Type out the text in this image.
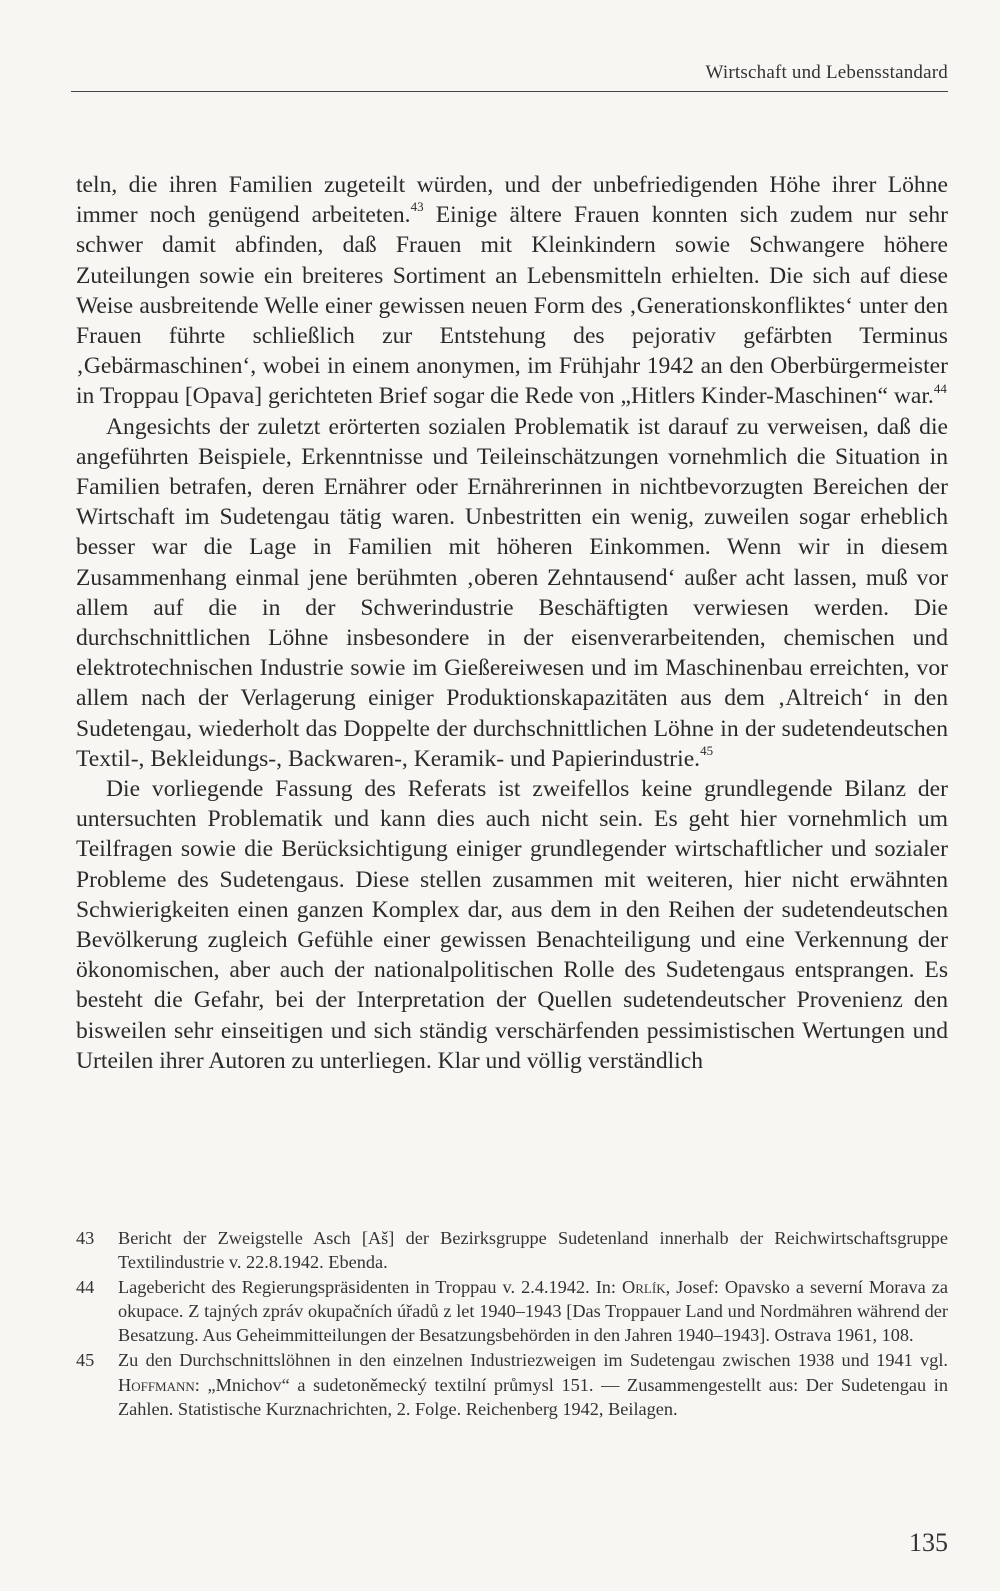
Wirtschaft und Lebensstandard

teln, die ihren Familien zugeteilt würden, und der unbefriedigenden Höhe ihrer Löhne immer noch genügend arbeiteten.$^{43}$ Einige ältere Frauen konnten sich zudem nur sehr schwer damit abfinden, daß Frauen mit Kleinkindern sowie Schwangere höhere Zuteilungen sowie ein breiteres Sortiment an Lebensmitteln erhielten. Die sich auf diese Weise ausbreitende Welle einer gewissen neuen Form des ‚Generationskonfliktes‘ unter den Frauen führte schließlich zur Entstehung des pejorativ gefärbten Terminus ‚Gebärmaschinen‘, wobei in einem anonymen, im Frühjahr 1942 an den Oberbürgermeister in Troppau [Opava] gerichteten Brief sogar die Rede von „Hitlers Kinder-Maschinen“ war.$^{44}$

Angesichts der zuletzt erörterten sozialen Problematik ist darauf zu verweisen, daß die angeführten Beispiele, Erkenntnisse und Teileinschätzungen vornehmlich die Situation in Familien betrafen, deren Ernährer oder Ernährerinnen in nichtbevorzugten Bereichen der Wirtschaft im Sudetengau tätig waren. Unbestritten ein wenig, zuweilen sogar erheblich besser war die Lage in Familien mit höheren Einkommen. Wenn wir in diesem Zusammenhang einmal jene berühmten ‚oberen Zehntausend‘ außer acht lassen, muß vor allem auf die in der Schwerindustrie Beschäftigten verwiesen werden. Die durchschnittlichen Löhne insbesondere in der eisenverarbeitenden, chemischen und elektrotechnischen Industrie sowie im Gießereiwesen und im Maschinenbau erreichten, vor allem nach der Verlagerung einiger Produktionskapazitäten aus dem ‚Altreich‘ in den Sudetengau, wiederholt das Doppelte der durchschnittlichen Löhne in der sudetendeutschen Textil-, Bekleidungs-, Backwaren-, Keramik- und Papierindustrie.$^{45}$

Die vorliegende Fassung des Referats ist zweifellos keine grundlegende Bilanz der untersuchten Problematik und kann dies auch nicht sein. Es geht hier vornehmlich um Teilfragen sowie die Berücksichtigung einiger grundlegender wirtschaftlicher und sozialer Probleme des Sudetengaus. Diese stellen zusammen mit weiteren, hier nicht erwähnten Schwierigkeiten einen ganzen Komplex dar, aus dem in den Reihen der sudetendeutschen Bevölkerung zugleich Gefühle einer gewissen Benachteiligung und eine Verkennung der ökonomischen, aber auch der nationalpolitischen Rolle des Sudetengaus entsprangen. Es besteht die Gefahr, bei der Interpretation der Quellen sudetendeutscher Provenienz den bisweilen sehr einseitigen und sich ständig verschärfenden pessimistischen Wertungen und Urteilen ihrer Autoren zu unterliegen. Klar und völlig verständlich

43	Bericht der Zweigstelle Asch [Aš] der Bezirksgruppe Sudetenland innerhalb der Reichwirtschaftsgruppe Textilindustrie v. 22.8.1942. Ebenda.
44	Lagebericht des Regierungspräsidenten in Troppau v. 2.4.1942. In: Orlík, Josef: Opavsko a severní Morava za okupace. Z tajných zpráv okupačních úřadů z let 1940–1943 [Das Troppauer Land und Nordmähren während der Besatzung. Aus Geheimmitteilungen der Besatzungsbehörden in den Jahren 1940–1943]. Ostrava 1961, 108.
45	Zu den Durchschnittslöhnen in den einzelnen Industriezweigen im Sudetengau zwischen 1938 und 1941 vgl. Hoffmann: „Mnichov“ a sudetoněmecký textilní průmysl 151. — Zusammengestellt aus: Der Sudetengau in Zahlen. Statistische Kurznachrichten, 2. Folge. Reichenberg 1942, Beilagen.
135
